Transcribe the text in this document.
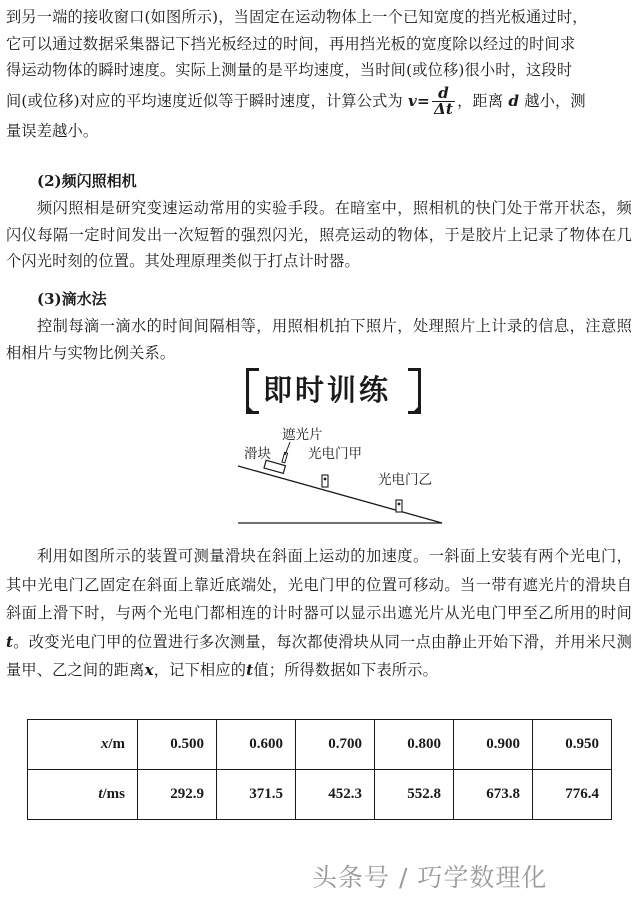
到另一端的接收窗口(如图所示)，当固定在运动物体上一个已知宽度的挡光板通过时，
它可以通过数据采集器记下挡光板经过的时间，再用挡光板的宽度除以经过的时间求
得运动物体的瞬时速度。实际上测量的是平均速度，当时间(或位移)很小时，这段时
间(或位移)对应的平均速度近似等于瞬时速度，计算公式为 $v= \frac{d}{\Delta t}$ ，距离 d 越小，测
量误差越小。
(2)频闪照相机
频闪照相是研究变速运动常用的实验手段。在暗室中，照相机的快门处于常开状态，频闪仪每隔一定时间发出一次短暂的强烈闪光，照亮运动的物体，于是胶片上记录了物体在几个闪光时刻的位置。其处理原理类似于打点计时器。
(3)滴水法
控制每滴一滴水的时间间隔相等，用照相机拍下照片，处理照片上计录的信息，注意照相相片与实物比例关系。
即时训练
遮光片
滑块	光电门甲
光电门乙
利用如图所示的装置可测量滑块在斜面上运动的加速度。一斜面上安装有两个光电门，其中光电门乙固定在斜面上靠近底端处，光电门甲的位置可移动。当一带有遮光片的滑块自斜面上滑下时，与两个光电门都相连的计时器可以显示出遮光片从光电门甲至乙所用的时间 t。改变光电门甲的位置进行多次测量，每次都使滑块从同一点由静止开始下滑，并用米尺测量甲、乙之间的距离x，记下相应的t值；所得数据如下表所示。
x/m	0.500	0.600	0.700	0.800	0.900	0.950
t/ms	292.9	371.5	452.3	552.8	673.8	776.4
头条号 / 巧学数理化
